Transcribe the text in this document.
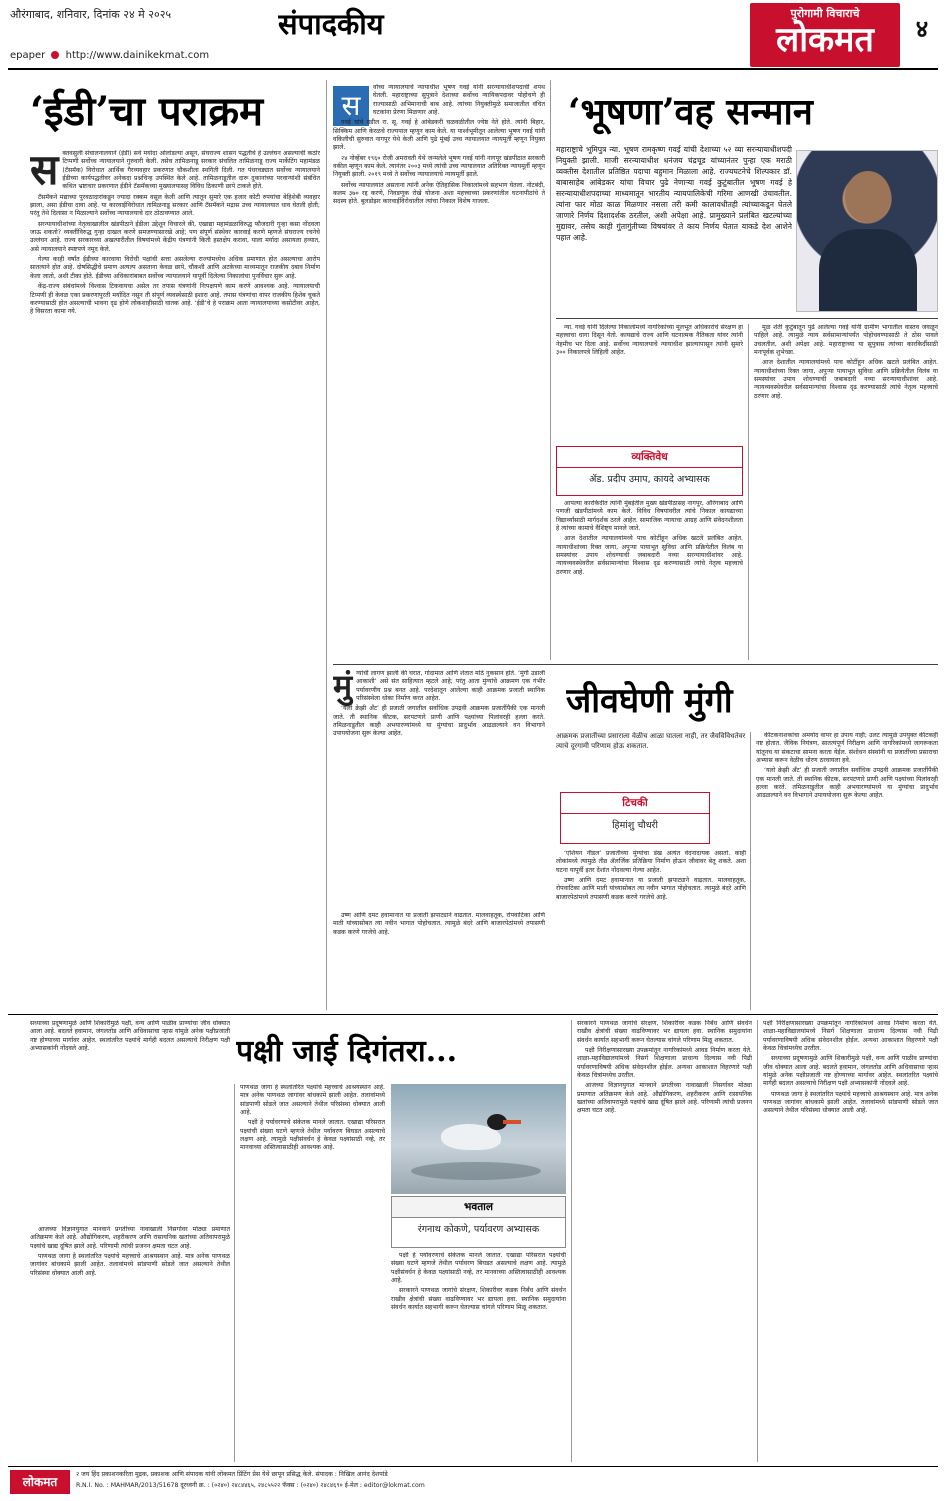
औरंगाबाद, शनिवार, दिनांक २४ मे २०२५	संपादकीय
epaper http://www.dainikekmat.com
पुरोगामी विचाराचे
लोकमत	४
‘ईडी’चा पराक्रम
स क्तवसुली संचालनालयाने (ईडी) सर्व मर्यादा ओलांडल्या असून, संघराज्य शासन पद्धतीचे हे उल्लंघन असल्याची कठोर टिप्पणी सर्वोच्च न्यायालयाने गुरुवारी केली. तसेच तामिळनाडू सरकार संचलित तामिळनाडू राज्य मार्केटिंग महामंडळ (टॅसमॅक) विरोधात आर्थिक गैरव्यवहार प्रकरणात चौकशीला स्थगिती दिली. गत पंधरवड्यात सर्वोच्च न्यायालयाने ईडीच्या कार्यपद्धतीवर अनेकदा प्रश्नचिन्ह उपस्थित केले आहे. तामिळनाडूतील दारू दुकानांच्या परवान्यांशी संबंधित कथित भ्रष्टाचार प्रकरणात ईडीने टॅसमॅकच्या मुख्यालयासह विविध ठिकाणी छापे टाकले होते.

टॅसमॅकने मद्याच्या पुरवठादारांकडून ज्यादा रक्कम वसूल केली आणि त्यातून सुमारे एक हजार कोटी रुपयांचा बेहिशेबी व्यवहार झाला, असा ईडीचा दावा आहे. या कारवाईविरोधात तामिळनाडू सरकार आणि टॅसमॅकने मद्रास उच्च न्यायालयात धाव घेतली होती; परंतु तेथे दिलासा न मिळाल्याने सर्वोच्च न्यायालयाचे दार ठोठावण्यात आले.

सरन्यायाधीशांच्या नेतृत्वाखालील खंडपीठाने ईडीला उद्देशून विचारले की, एखाद्या महामंडळाविरुद्ध फौजदारी गुन्हा कसा नोंदवला जाऊ शकतो? व्यक्तींविरुद्ध गुन्हा दाखल करणे समजण्यासारखे आहे; पण संपूर्ण संस्थेवर कारवाई करणे म्हणजे संघराज्य रचनेचे उल्लंघन आहे. राज्य सरकारच्या अखत्यारीतील विषयांमध्ये केंद्रीय यंत्रणांनी किती हस्तक्षेप करावा, याला मर्यादा असायला हव्यात, असे न्यायालयाने स्पष्टपणे नमूद केले.

गेल्या काही वर्षांत ईडीच्या कारवाया विरोधी पक्षांची सत्ता असलेल्या राज्यांमध्येच अधिक प्रमाणात होत असल्याचा आरोप सातत्याने होत आहे. दोषसिद्धीचे प्रमाण अत्यल्प असताना केवळ छापे, चौकशी आणि अटकेच्या माध्यमातून राजकीय दबाव निर्माण केला जातो, अशी टीका होते. ईडीच्या अधिकारांबाबत सर्वोच्च न्यायालयाने यापूर्वी दिलेल्या निकालांचा पुनर्विचार सुरू आहे.

केंद्र-राज्य संबंधांमध्ये विश्वास टिकवायचा असेल तर तपास यंत्रणांनी निःपक्षपणे काम करणे आवश्यक आहे. न्यायालयाची टिप्पणी ही केवळ एका प्रकरणापुरती मर्यादित नसून ती संपूर्ण व्यवस्थेसाठी इशारा आहे. तपास यंत्रणांचा वापर राजकीय हिशेब चुकते करण्यासाठी होत असल्याची भावना दृढ होणे लोकशाहीसाठी घातक आहे. ‘ईडी’चे हे पराक्रम आता न्यायालयाच्या कसोटीवर आहेत, हे विसरता कामा नये.

स

र्वोच्च न्यायालयाचे न्यायाधीश भूषण गवई यांनी सरन्यायाधीशपदाची शपथ घेतली. महाराष्ट्राच्या सुपुत्राने देशाच्या सर्वोच्च न्यायिकपदावर पोहोचणे ही राज्यासाठी अभिमानाची बाब आहे. त्यांच्या नियुक्तीमुळे समाजातील वंचित घटकांना प्रेरणा मिळणार आहे.

गवई यांचे वडील रा. सू. गवई हे आंबेडकरी चळवळीतील ज्येष्ठ नेते होते. त्यांनी बिहार, सिक्किम आणि केरळचे राज्यपाल म्हणून काम केले. या पार्श्वभूमीतून आलेल्या भूषण गवई यांनी वकिलीची सुरुवात नागपूर येथे केली आणि पुढे मुंबई उच्च न्यायालयात न्यायमूर्ती म्हणून नियुक्त झाले.

२४ नोव्हेंबर १९६० रोजी अमरावती येथे जन्मलेले भूषण गवई यांनी नागपूर खंडपीठात सरकारी वकील म्हणून काम केले. त्यानंतर २००३ मध्ये त्यांची उच्च न्यायालयात अतिरिक्त न्यायमूर्ती म्हणून नियुक्ती झाली. २०१९ मध्ये ते सर्वोच्च न्यायालयाचे न्यायमूर्ती झाले.

सर्वोच्च न्यायालयात असताना त्यांनी अनेक ऐतिहासिक निकालांमध्ये सहभाग घेतला. नोटबंदी, कलम ३७० रद्द करणे, निवडणूक रोखे योजना अशा महत्त्वाच्या प्रकरणांतील घटनापीठांचे ते सदस्य होते. बुलडोझर कारवाईविरोधातील त्यांचा निकाल विशेष गाजला.

‘भूषणा’वह सन्मान
महाराष्ट्राचे भूमिपुत्र न्या. भूषण रामकृष्ण गवई यांची देशाच्या ५२ व्या सरन्यायाधीशपदी नियुक्ती झाली. माजी सरन्यायाधीश धनंजय चंद्रचूड यांच्यानंतर पुन्हा एक मराठी व्यक्तीस देशातील प्रतिष्ठित पदाचा बहुमान मिळाला आहे. राज्यघटनेचे शिल्पकार डॉ. बाबासाहेब आंबेडकर यांचा विचार पुढे नेणाऱ्या गवई कुटुंबातील भूषण गवई हे सरन्यायाधीशपदाच्या माध्यमातून भारतीय न्यायपालिकेची गरिमा आणखी उंचावतील. त्यांना फार मोठा काळ मिळणार नसला तरी कमी कालावधीतही त्यांच्याकडून घेतले जाणारे निर्णय दिशादर्शक ठरतील, अशी अपेक्षा आहे. प्रामुख्याने प्रलंबित खटल्यांच्या मुद्यावर, तसेच काही गुंतागुंतीच्या विषयांवर ते काय निर्णय घेतात याकडे देश आशेने पहात आहे.

न्या. गवई यांनी दिलेल्या निकालांमध्ये नागरिकांच्या मूलभूत अधिकारांचे संरक्षण हा महत्त्वाचा धागा दिसून येतो. कायद्याचे राज्य आणि घटनात्मक नैतिकता यांवर त्यांनी नेहमीच भर दिला आहे. सर्वोच्च न्यायालयाचे न्यायाधीश झाल्यापासून त्यांनी सुमारे ३०० निकालपत्रे लिहिली आहेत.

व्यक्तिवेध
ॲड. प्रदीप उमाप, कायदे अभ्यासक

आपल्या कारकिर्दीत त्यांनी मुंबईतील मुख्य खंडपीठासह नागपूर, औरंगाबाद आणि पणजी खंडपीठांमध्ये काम केले. विविध विषयांवरील त्यांचे निकाल कायद्याच्या विद्यार्थ्यांसाठी मार्गदर्शक ठरले आहेत. सामाजिक न्यायाचा आग्रह आणि संवेदनशीलता हे त्यांच्या कामाचे वैशिष्ट्य मानले जाते.

आज देशातील न्यायालयांमध्ये पाच कोटींहून अधिक खटले प्रलंबित आहेत. न्यायाधीशांच्या रिक्त जागा, अपुऱ्या पायाभूत सुविधा आणि प्रक्रियेतील विलंब या समस्यांवर उपाय शोधण्याची जबाबदारी नव्या सरन्यायाधीशांवर आहे. न्यायव्यवस्थेवरील सर्वसामान्यांचा विश्वास दृढ करण्यासाठी त्यांचे नेतृत्व महत्त्वाचे ठरणार आहे.

मूळ शेती कुटुंबातून पुढे आलेल्या गवई यांनी ग्रामीण भागातील वास्तव जवळून पाहिले आहे. त्यामुळे न्याय सर्वसामान्यांपर्यंत पोहोचवण्यासाठी ते ठोस पावले उचलतील, अशी अपेक्षा आहे. महाराष्ट्राच्या या सुपुत्रास त्यांच्या कारकिर्दीसाठी मनःपूर्वक शुभेच्छा.

आज देशातील न्यायालयांमध्ये पाच कोटींहून अधिक खटले प्रलंबित आहेत. न्यायाधीशांच्या रिक्त जागा, अपुऱ्या पायाभूत सुविधा आणि प्रक्रियेतील विलंब या समस्यांवर उपाय शोधण्याची जबाबदारी नव्या सरन्यायाधीशांवर आहे. न्यायव्यवस्थेवरील सर्वसामान्यांचा विश्वास दृढ करण्यासाठी त्यांचे नेतृत्व महत्त्वाचे ठरणार आहे.

मुं ग्यांची लागण झाली की घरात, गोदामात आणि शेतात मोठे नुकसान होते. ‘मुंगी उडाली आकाशी’ असे संत साहित्यात म्हटले आहे; परंतु आता मुंग्यांचे आक्रमण एक गंभीर पर्यावरणीय प्रश्न बनत आहे. परदेशातून आलेल्या काही आक्रमक प्रजाती स्थानिक परिसंस्थेला धोका निर्माण करत आहेत.

‘यलो क्रेझी अँट’ ही प्रजाती जगातील सर्वाधिक उपद्रवी आक्रमक प्रजातींपैकी एक मानली जाते. ती स्थानिक कीटक, सरपटणारे प्राणी आणि पक्ष्यांच्या पिलांवरही हल्ला करते. तमिळनाडूतील काही अभयारण्यांमध्ये या मुंग्यांचा प्रादुर्भाव आढळल्याने वन विभागाने उपाययोजना सुरू केल्या आहेत.

जीवघेणी मुंगी
आक्रमक प्रजातींच्या प्रसाराला वेळीच आळा घातला नाही, तर जैवविविधतेवर त्याचे दूरगामी परिणाम होऊ शकतात.
टिचकी
हिमांशु चौधरी

‘एशियन नीडल’ प्रजातीच्या मुंग्यांचा डंख अत्यंत वेदनादायक असतो. काही लोकांमध्ये त्यामुळे तीव्र ॲलर्जिक प्रतिक्रिया निर्माण होऊन जीवावर बेतू शकते. अशा घटना यापूर्वी इतर देशांत नोंदवल्या गेल्या आहेत.

उष्ण आणि दमट हवामानात या प्रजाती झपाट्याने वाढतात. मालवाहतूक, रोपवाटिका आणि माती यांच्यासोबत त्या नवीन भागात पोहोचतात. त्यामुळे बंदरे आणि बाजारपेठांमध्ये तपासणी कडक करणे गरजेचे आहे.

उष्ण आणि दमट हवामानात या प्रजाती झपाट्याने वाढतात. मालवाहतूक, रोपवाटिका आणि माती यांच्यासोबत त्या नवीन भागात पोहोचतात. त्यामुळे बंदरे आणि बाजारपेठांमध्ये तपासणी कडक करणे गरजेचे आहे.

कीटकनाशकांचा अमर्याद वापर हा उपाय नाही; उलट त्यामुळे उपयुक्त कीटकही नष्ट होतात. जैविक नियंत्रण, सातत्यपूर्ण निरीक्षण आणि नागरिकांमध्ये जागरूकता यांतूनच या संकटाचा सामना करता येईल. संशोधन संस्थांनी या प्रजातींच्या प्रसाराचा अभ्यास करून वेळीच धोरण ठरवायला हवे.

‘यलो क्रेझी अँट’ ही प्रजाती जगातील सर्वाधिक उपद्रवी आक्रमक प्रजातींपैकी एक मानली जाते. ती स्थानिक कीटक, सरपटणारे प्राणी आणि पक्ष्यांच्या पिलांवरही हल्ला करते. तमिळनाडूतील काही अभयारण्यांमध्ये या मुंग्यांचा प्रादुर्भाव आढळल्याने वन विभागाने उपाययोजना सुरू केल्या आहेत.

सध्याच्या प्रदूषणामुळे आणि शिकारीमुळे पक्षी, वन्य आणि पाळीव प्राण्यांचा जीव धोक्यात आला आहे. बदलते हवामान, जंगलतोड आणि अधिवासाचा ऱ्हास यांमुळे अनेक पक्षीप्रजाती नष्ट होण्याच्या मार्गावर आहेत. स्थलांतरित पक्ष्यांचे मार्गही बदलत असल्याचे निरीक्षण पक्षी अभ्यासकांनी नोंदवले आहे.	पक्षी जाई दिगंतरा...

आजच्या विज्ञानयुगात मानवाने प्रगतीच्या नावाखाली निसर्गावर मोठ्या प्रमाणात अतिक्रमण केले आहे. औद्योगिकरण, शहरीकरण आणि रासायनिक खतांच्या अतिवापरामुळे पक्ष्यांचे खाद्य दूषित झाले आहे. परिणामी त्यांची प्रजनन क्षमता घटत आहे.

पाणथळ जागा हे स्थलांतरित पक्ष्यांचे महत्त्वाचे आश्रयस्थान आहे. मात्र अनेक पाणथळ जागांवर बांधकामे झाली आहेत. तलावांमध्ये सांडपाणी सोडले जात असल्याने तेथील परिसंस्था धोक्यात आली आहे.

पाणथळ जागा हे स्थलांतरित पक्ष्यांचे महत्त्वाचे आश्रयस्थान आहे. मात्र अनेक पाणथळ जागांवर बांधकामे झाली आहेत. तलावांमध्ये सांडपाणी सोडले जात असल्याने तेथील परिसंस्था धोक्यात आली आहे.

पक्षी हे पर्यावरणाचे संकेतक मानले जातात. एखाद्या परिसरात पक्ष्यांची संख्या घटणे म्हणजे तेथील पर्यावरण बिघडत असल्याचे लक्षण आहे. त्यामुळे पक्षीसंवर्धन हे केवळ पक्ष्यांसाठी नव्हे, तर मानवाच्या अस्तित्वासाठीही आवश्यक आहे.

भवताल
रंगनाथ कोकणे, पर्यावरण अभ्यासक

पक्षी हे पर्यावरणाचे संकेतक मानले जातात. एखाद्या परिसरात पक्ष्यांची संख्या घटणे म्हणजे तेथील पर्यावरण बिघडत असल्याचे लक्षण आहे. त्यामुळे पक्षीसंवर्धन हे केवळ पक्ष्यांसाठी नव्हे, तर मानवाच्या अस्तित्वासाठीही आवश्यक आहे.

सरकारने पाणथळ जागांचे संरक्षण, शिकारीवर कडक निर्बंध आणि संवर्धन राखीव क्षेत्रांची संख्या वाढविण्यावर भर द्यायला हवा. स्थानिक समुदायांना संवर्धन कार्यात सहभागी करून घेतल्यास चांगले परिणाम मिळू शकतात.

सरकारने पाणथळ जागांचे संरक्षण, शिकारीवर कडक निर्बंध आणि संवर्धन राखीव क्षेत्रांची संख्या वाढविण्यावर भर द्यायला हवा. स्थानिक समुदायांना संवर्धन कार्यात सहभागी करून घेतल्यास चांगले परिणाम मिळू शकतात.

पक्षी निरीक्षणासारख्या उपक्रमांतून नागरिकांमध्ये आवड निर्माण करता येते. शाळा-महाविद्यालयांमध्ये निसर्ग शिक्षणाला प्राधान्य दिल्यास नवी पिढी पर्यावरणाविषयी अधिक संवेदनशील होईल. अन्यथा आकाशात विहरणारे पक्षी केवळ चित्रांमध्येच उरतील.

आजच्या विज्ञानयुगात मानवाने प्रगतीच्या नावाखाली निसर्गावर मोठ्या प्रमाणात अतिक्रमण केले आहे. औद्योगिकरण, शहरीकरण आणि रासायनिक खतांच्या अतिवापरामुळे पक्ष्यांचे खाद्य दूषित झाले आहे. परिणामी त्यांची प्रजनन क्षमता घटत आहे.

पक्षी निरीक्षणासारख्या उपक्रमांतून नागरिकांमध्ये आवड निर्माण करता येते. शाळा-महाविद्यालयांमध्ये निसर्ग शिक्षणाला प्राधान्य दिल्यास नवी पिढी पर्यावरणाविषयी अधिक संवेदनशील होईल. अन्यथा आकाशात विहरणारे पक्षी केवळ चित्रांमध्येच उरतील.

सध्याच्या प्रदूषणामुळे आणि शिकारीमुळे पक्षी, वन्य आणि पाळीव प्राण्यांचा जीव धोक्यात आला आहे. बदलते हवामान, जंगलतोड आणि अधिवासाचा ऱ्हास यांमुळे अनेक पक्षीप्रजाती नष्ट होण्याच्या मार्गावर आहेत. स्थलांतरित पक्ष्यांचे मार्गही बदलत असल्याचे निरीक्षण पक्षी अभ्यासकांनी नोंदवले आहे.

पाणथळ जागा हे स्थलांतरित पक्ष्यांचे महत्त्वाचे आश्रयस्थान आहे. मात्र अनेक पाणथळ जागांवर बांधकामे झाली आहेत. तलावांमध्ये सांडपाणी सोडले जात असल्याने तेथील परिसंस्था धोक्यात आली आहे.

लोकमत
२ जय हिंद प्रकाशनकरिता मुद्रक, प्रकाशक आणि संपादक यांनी लोकमत प्रिंटिंग प्रेस येथे छापून प्रसिद्ध केले. संपादक : निखिल आनंद देशपांडे
R.N.I. No. : MAHMAR/2013/51678 दूरध्वनी क्र. : (०२४०) २४८४४६५, २४८५५२२ फॅक्स : (०२४०) २४८४६९० ई-मेल : editor@lokmat.com
